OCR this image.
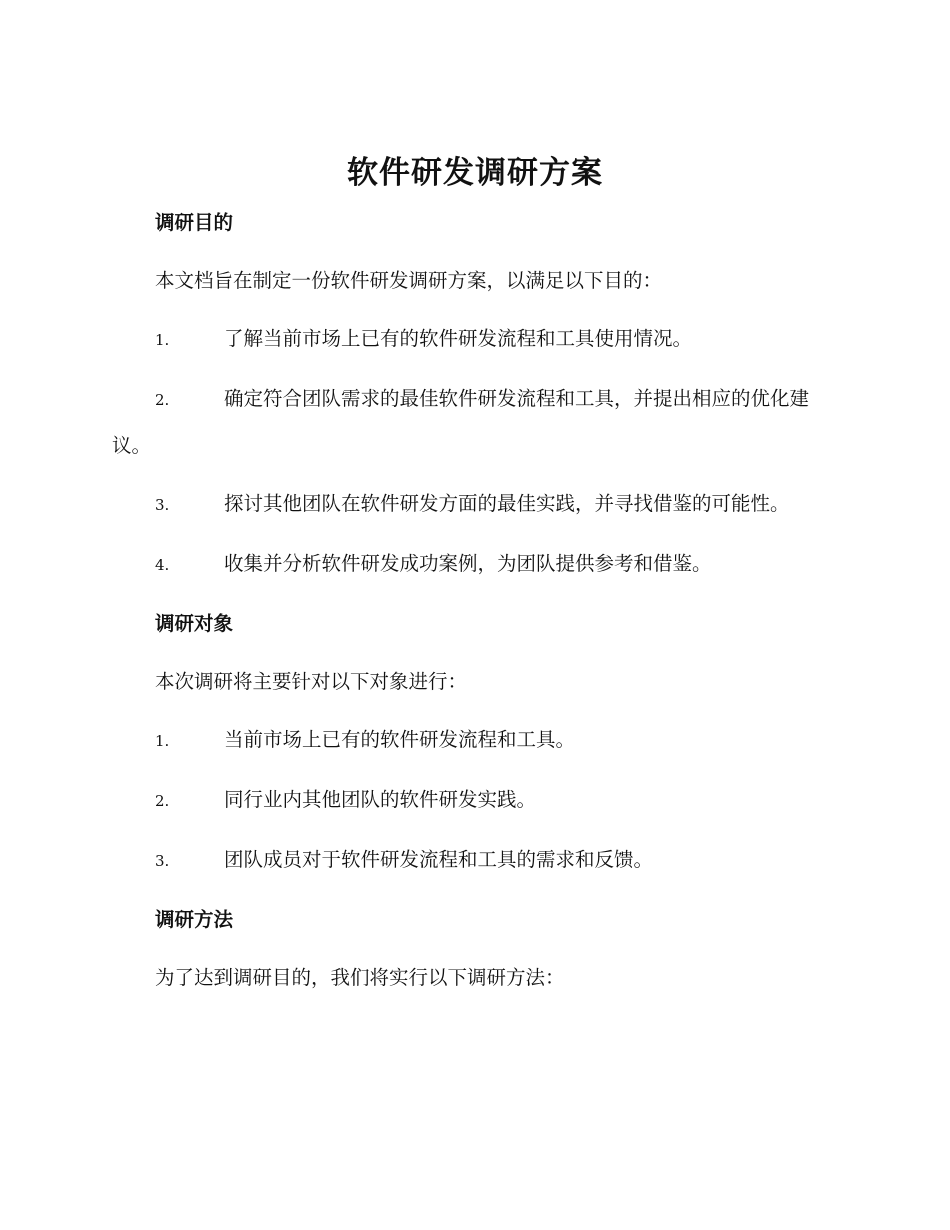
软件研发调研方案
调研目的
本文档旨在制定一份软件研发调研方案，以满足以下目的：
1.	了解当前市场上已有的软件研发流程和工具使用情况。
2.	确定符合团队需求的最佳软件研发流程和工具，并提出相应的优化建议。
3.	探讨其他团队在软件研发方面的最佳实践，并寻找借鉴的可能性。
4.	收集并分析软件研发成功案例，为团队提供参考和借鉴。
调研对象
本次调研将主要针对以下对象进行：
1.	当前市场上已有的软件研发流程和工具。
2.	同行业内其他团队的软件研发实践。
3.	团队成员对于软件研发流程和工具的需求和反馈。
调研方法
为了达到调研目的，我们将实行以下调研方法：
